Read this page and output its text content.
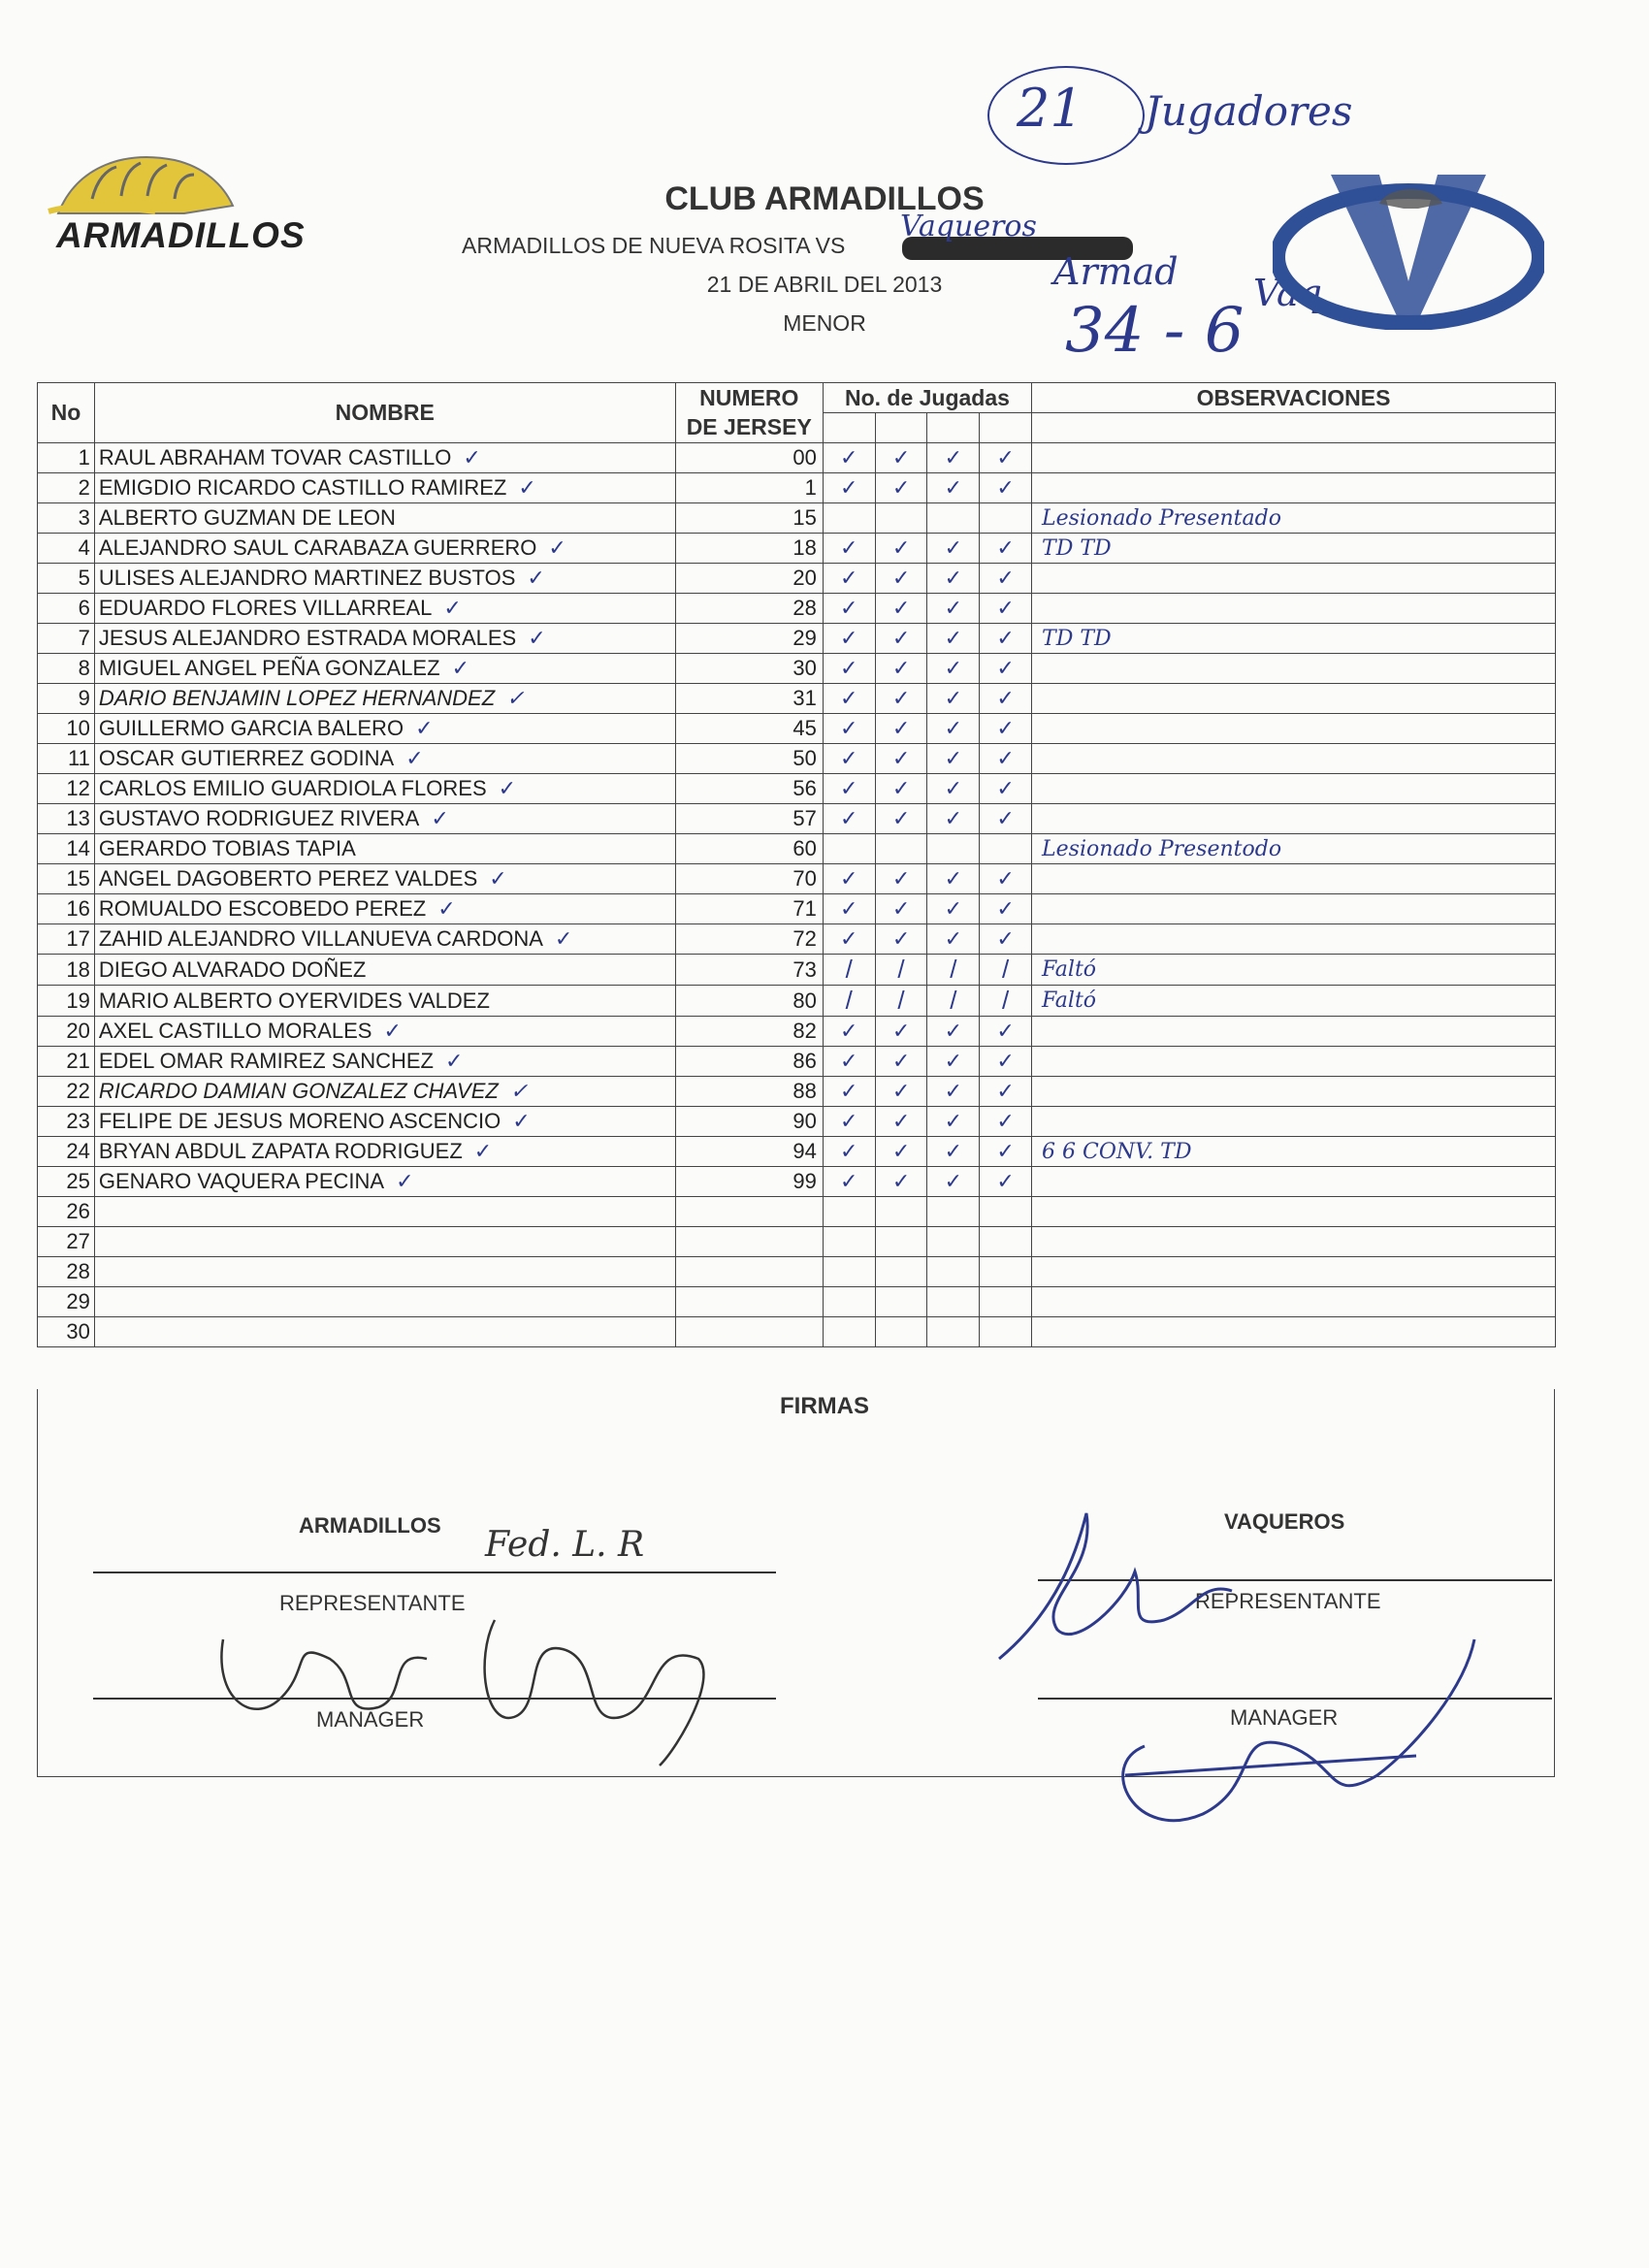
ARMADILLOS
CLUB ARMADILLOS
ARMADILLOS DE NUEVA ROSITA VS
Vaqueros
21 DE ABRIL DEL 2013
MENOR
21 Jugadores
Armad Vaq.
34 - 6
No	NOMBRE	NUMERO	No. de Jugadas				OBSERVACIONES
		DE JERSEY					
1	RAUL ABRAHAM TOVAR CASTILLO ✓	00	✓	✓	✓	✓	
2	EMIGDIO RICARDO CASTILLO RAMIREZ ✓	1	✓	✓	✓	✓	
3	ALBERTO GUZMAN DE LEON	15					Lesionado Presentado
4	ALEJANDRO SAUL CARABAZA GUERRERO ✓	18	✓	✓	✓	✓	TD TD
5	ULISES ALEJANDRO MARTINEZ BUSTOS ✓	20	✓	✓	✓	✓	
6	EDUARDO FLORES VILLARREAL ✓	28	✓	✓	✓	✓	
7	JESUS ALEJANDRO ESTRADA MORALES ✓	29	✓	✓	✓	✓	TD TD
8	MIGUEL ANGEL PEÑA GONZALEZ ✓	30	✓	✓	✓	✓	
9	DARIO BENJAMIN LOPEZ HERNANDEZ ✓	31	✓	✓	✓	✓	
10	GUILLERMO GARCIA BALERO ✓	45	✓	✓	✓	✓	
11	OSCAR GUTIERREZ GODINA ✓	50	✓	✓	✓	✓	
12	CARLOS EMILIO GUARDIOLA FLORES ✓	56	✓	✓	✓	✓	
13	GUSTAVO RODRIGUEZ RIVERA ✓	57	✓	✓	✓	✓	
14	GERARDO TOBIAS TAPIA	60					Lesionado Presentodo
15	ANGEL DAGOBERTO PEREZ VALDES ✓	70	✓	✓	✓	✓	
16	ROMUALDO ESCOBEDO PEREZ ✓	71	✓	✓	✓	✓	
17	ZAHID ALEJANDRO VILLANUEVA CARDONA ✓	72	✓	✓	✓	✓	
18	DIEGO ALVARADO DOÑEZ	73	/	/	/	/	Faltó
19	MARIO ALBERTO OYERVIDES VALDEZ	80	/	/	/	/	Faltó
20	AXEL CASTILLO MORALES ✓	82	✓	✓	✓	✓	
21	EDEL OMAR RAMIREZ SANCHEZ ✓	86	✓	✓	✓	✓	
22	RICARDO DAMIAN GONZALEZ CHAVEZ ✓	88	✓	✓	✓	✓	
23	FELIPE DE JESUS MORENO ASCENCIO ✓	90	✓	✓	✓	✓	
24	BRYAN ABDUL ZAPATA RODRIGUEZ ✓	94	✓	✓	✓	✓	6 6 CONV. TD
25	GENARO VAQUERA PECINA ✓	99	✓	✓	✓	✓	
26							
27							
28							
29							
30							
FIRMAS
ARMADILLOS Fed. L. R
REPRESENTANTE
MANAGER
VAQUEROS
REPRESENTANTE
MANAGER
